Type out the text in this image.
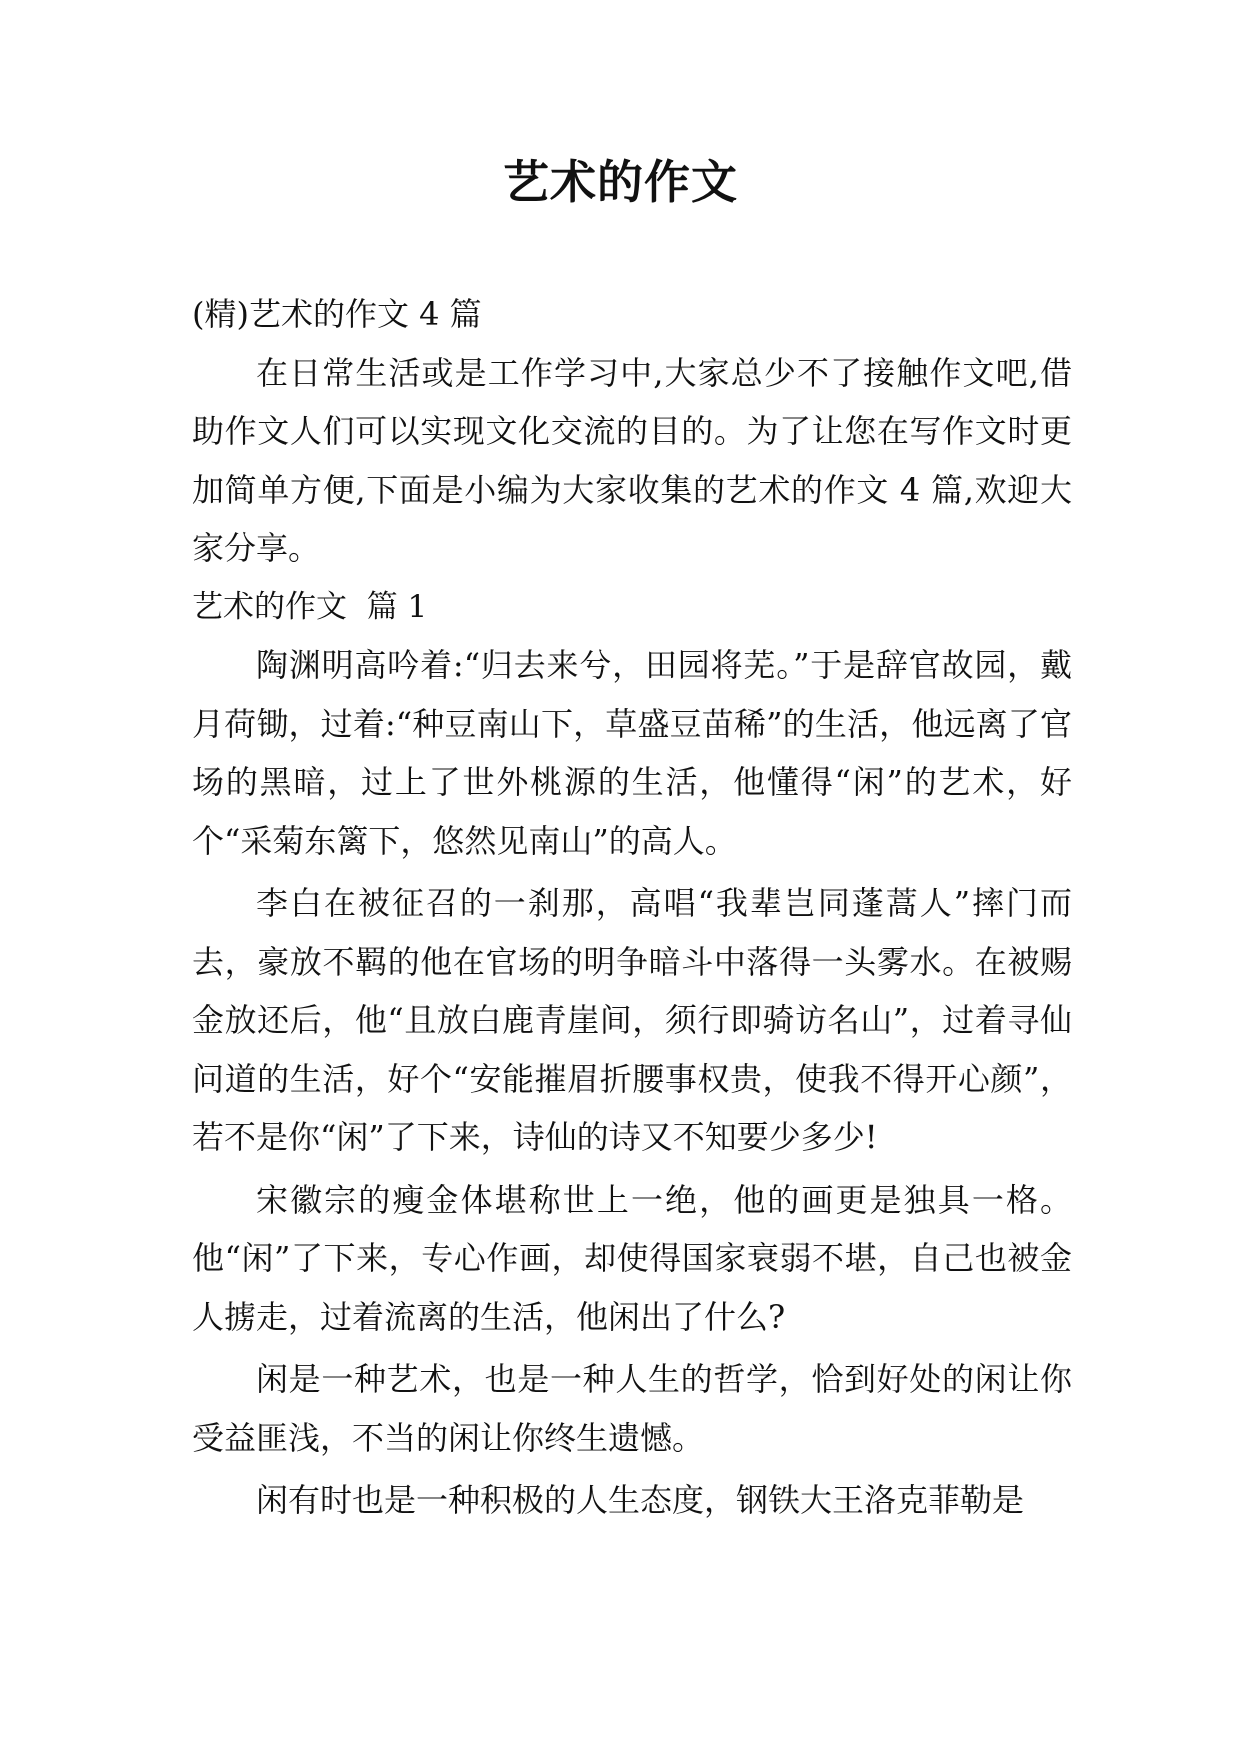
艺术的作文

(精)艺术的作文 4 篇

在日常生活或是工作学习中,大家总少不了接触作文吧,借助作文人们可以实现文化交流的目的。为了让您在写作文时更加简单方便,下面是小编为大家收集的艺术的作文 4 篇,欢迎大家分享。

艺术的作文  篇 1

陶渊明高吟着:“归去来兮，田园将芜。”于是辞官故园，戴月荷锄，过着:“种豆南山下，草盛豆苗稀”的生活，他远离了官场的黑暗，过上了世外桃源的生活，他懂得“闲”的艺术，好个“采菊东篱下，悠然见南山”的高人。

李白在被征召的一刹那，高唱“我辈岂同蓬蒿人”摔门而去，豪放不羁的他在官场的明争暗斗中落得一头雾水。在被赐金放还后，他“且放白鹿青崖间，须行即骑访名山”，过着寻仙问道的生活，好个“安能摧眉折腰事权贵，使我不得开心颜”，若不是你“闲”了下来，诗仙的诗又不知要少多少!

宋徽宗的瘦金体堪称世上一绝，他的画更是独具一格。他“闲”了下来，专心作画，却使得国家衰弱不堪，自己也被金人掳走，过着流离的生活，他闲出了什么?

闲是一种艺术，也是一种人生的哲学，恰到好处的闲让你受益匪浅，不当的闲让你终生遗憾。

闲有时也是一种积极的人生态度，钢铁大王洛克菲勒是
